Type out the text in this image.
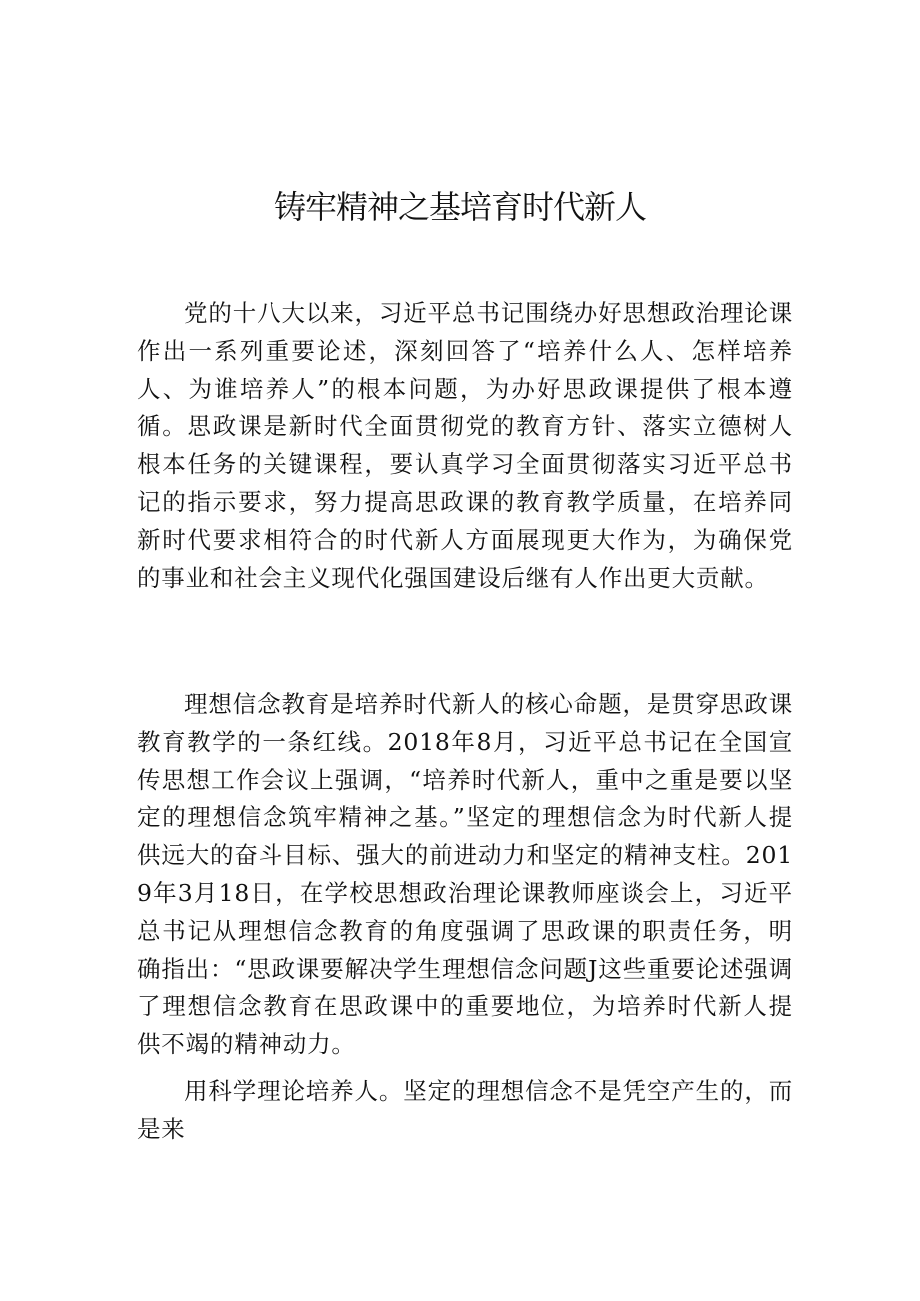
铸牢精神之基培育时代新人

党的十八大以来，习近平总书记围绕办好思想政治理论课作出一系列重要论述，深刻回答了“培养什么人、怎样培养人、为谁培养人”的根本问题，为办好思政课提供了根本遵循。思政课是新时代全面贯彻党的教育方针、落实立德树人根本任务的关键课程，要认真学习全面贯彻落实习近平总书记的指示要求，努力提高思政课的教育教学质量，在培养同新时代要求相符合的时代新人方面展现更大作为，为确保党的事业和社会主义现代化强国建设后继有人作出更大贡献。

理想信念教育是培养时代新人的核心命题，是贯穿思政课教育教学的一条红线。2018年8月，习近平总书记在全国宣传思想工作会议上强调，“培养时代新人，重中之重是要以坚定的理想信念筑牢精神之基。”坚定的理想信念为时代新人提供远大的奋斗目标、强大的前进动力和坚定的精神支柱。2019年3月18日，在学校思想政治理论课教师座谈会上，习近平总书记从理想信念教育的角度强调了思政课的职责任务，明确指出：“思政课要解决学生理想信念问题J这些重要论述强调了理想信念教育在思政课中的重要地位，为培养时代新人提供不竭的精神动力。

用科学理论培养人。坚定的理想信念不是凭空产生的，而是来
